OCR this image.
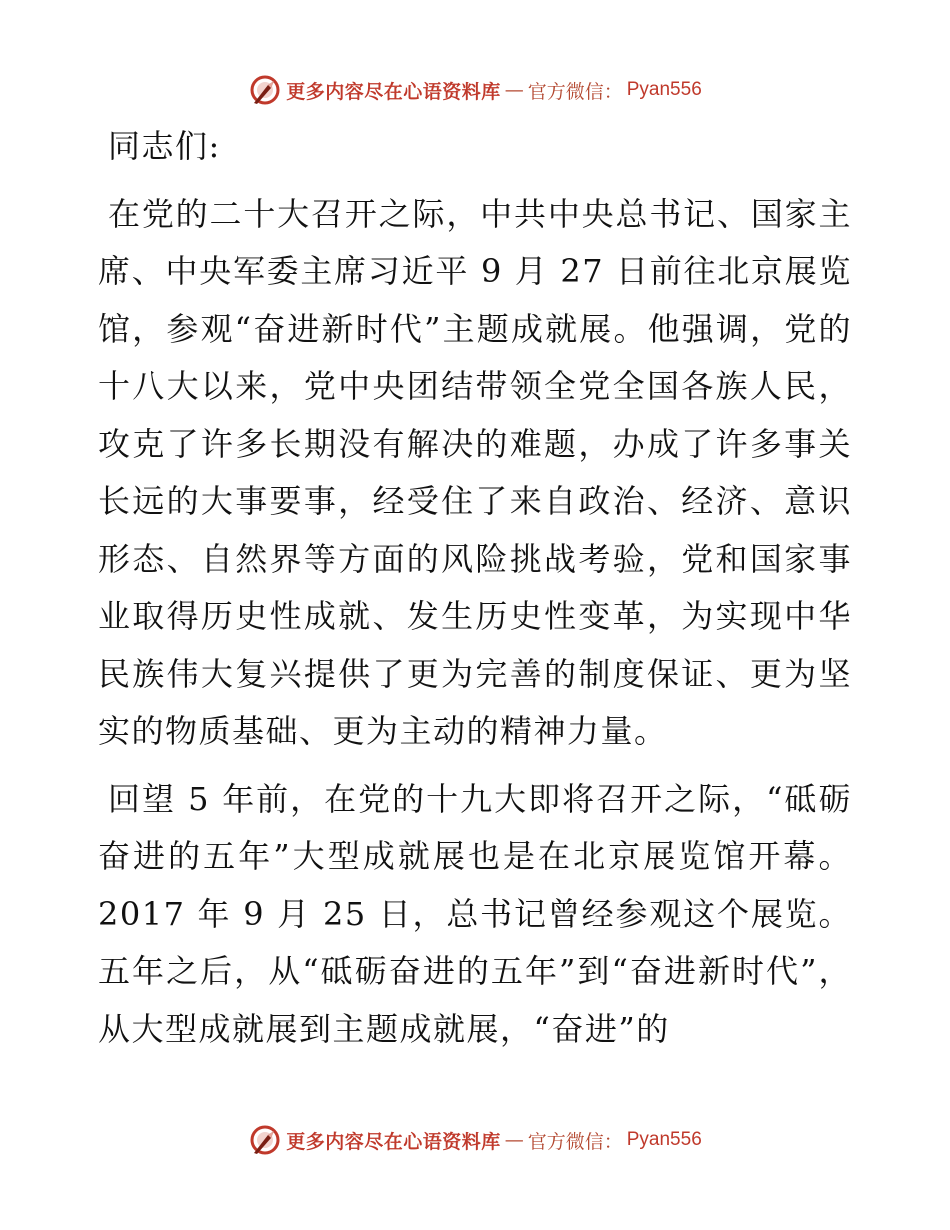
更多内容尽在心语资料库 — 官方微信： Pyan556

同志们:

在党的二十大召开之际，中共中央总书记、国家主席、中央军委主席习近平 9 月 27 日前往北京展览馆，参观“奋进新时代”主题成就展。他强调，党的十八大以来，党中央团结带领全党全国各族人民，攻克了许多长期没有解决的难题，办成了许多事关长远的大事要事，经受住了来自政治、经济、意识形态、自然界等方面的风险挑战考验，党和国家事业取得历史性成就、发生历史性变革，为实现中华民族伟大复兴提供了更为完善的制度保证、更为坚实的物质基础、更为主动的精神力量。

回望 5 年前，在党的十九大即将召开之际，“砥砺奋进的五年”大型成就展也是在北京展览馆开幕。2017 年 9 月 25 日，总书记曾经参观这个展览。五年之后，从“砥砺奋进的五年”到“奋进新时代”，从大型成就展到主题成就展，“奋进”的

更多内容尽在心语资料库 — 官方微信： Pyan556
